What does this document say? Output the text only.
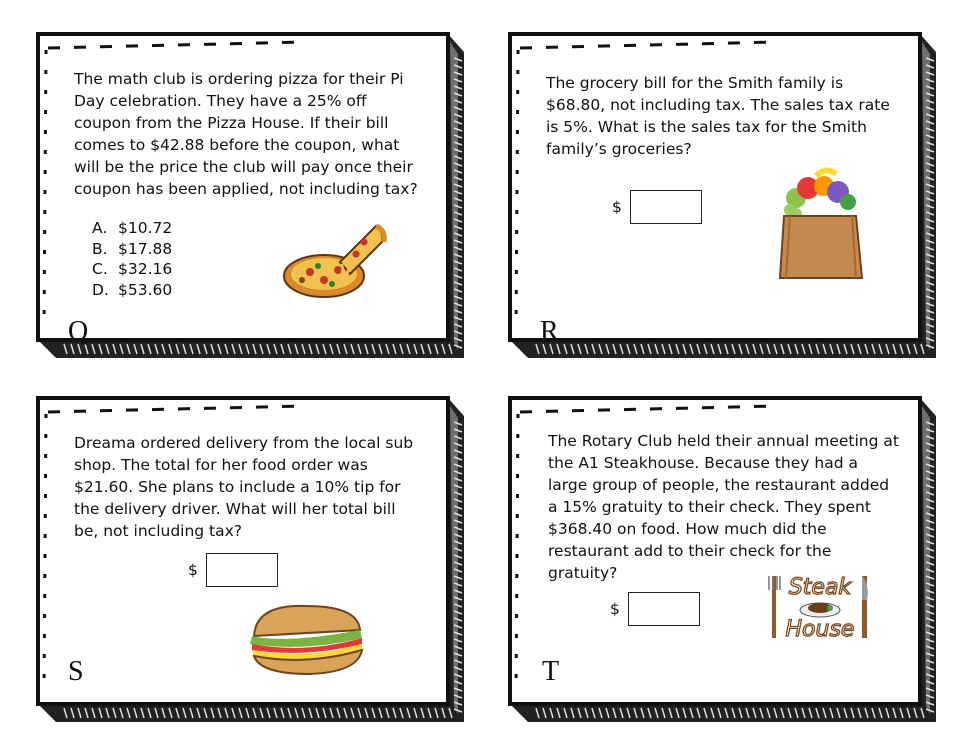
The math club is ordering pizza for their Pi Day celebration. They have a 25% off coupon from the Pizza House. If their bill comes to $42.88 before the coupon, what will be the price the club will pay once their coupon has been applied, not including tax?

A. $10.72
B. $17.88
C. $32.16
D. $53.60
Q

The grocery bill for the Smith family is $68.80, not including tax. The sales tax rate is 5%. What is the sales tax for the Smith family’s groceries?

$
R

Dreama ordered delivery from the local sub shop. The total for her food order was $21.60. She plans to include a 10% tip for the delivery driver. What will her total bill be, not including tax?

$
S

The Rotary Club held their annual meeting at the A1 Steakhouse. Because they had a large group of people, the restaurant added a 15% gratuity to their check. They spent $368.40 on food. How much did the restaurant add to their check for the gratuity?

$
Steak
House
T
